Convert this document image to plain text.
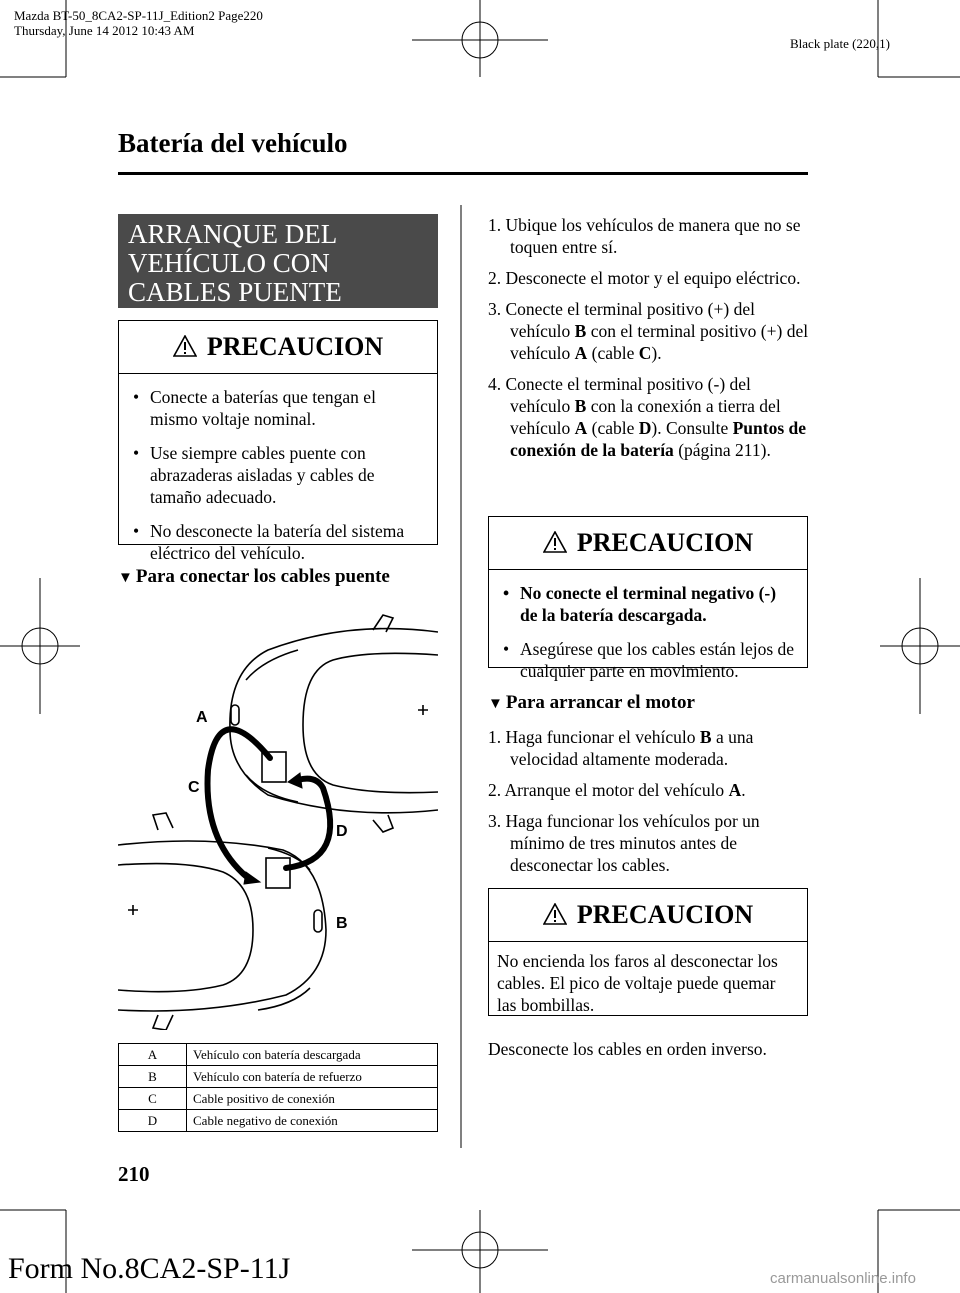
Mazda BT-50_8CA2-SP-11J_Edition2 Page220
Thursday, June 14 2012 10:43 AM
Black plate (220,1)
Batería del vehículo
ARRANQUE DEL
VEHÍCULO CON
CABLES PUENTE
PRECAUCION
• Conecte a baterías que tengan el mismo voltaje nominal.
• Use siempre cables puente con abrazaderas aisladas y cables de tamaño adecuado.
• No desconecte la batería del sistema eléctrico del vehículo.
▼ Para conectar los cables puente
A
C
D
B
A	Vehículo con batería descargada
B	Vehículo con batería de refuerzo
C	Cable positivo de conexión
D	Cable negativo de conexión
1. Ubique los vehículos de manera que no se toquen entre sí.
2. Desconecte el motor y el equipo eléctrico.
3. Conecte el terminal positivo (+) del vehículo B con el terminal positivo (+) del vehículo A (cable C).
4. Conecte el terminal positivo (-) del vehículo B con la conexión a tierra del vehículo A (cable D). Consulte Puntos de conexión de la batería (página 211).
PRECAUCION
• No conecte el terminal negativo (-) de la batería descargada.
• Asegúrese que los cables están lejos de cualquier parte en movimiento.
▼ Para arrancar el motor
1. Haga funcionar el vehículo B a una velocidad altamente moderada.
2. Arranque el motor del vehículo A.
3. Haga funcionar los vehículos por un mínimo de tres minutos antes de desconectar los cables.
PRECAUCION
No encienda los faros al desconectar los cables. El pico de voltaje puede quemar las bombillas.
Desconecte los cables en orden inverso.
210
Form No.8CA2-SP-11J	carmanualsonline.info
